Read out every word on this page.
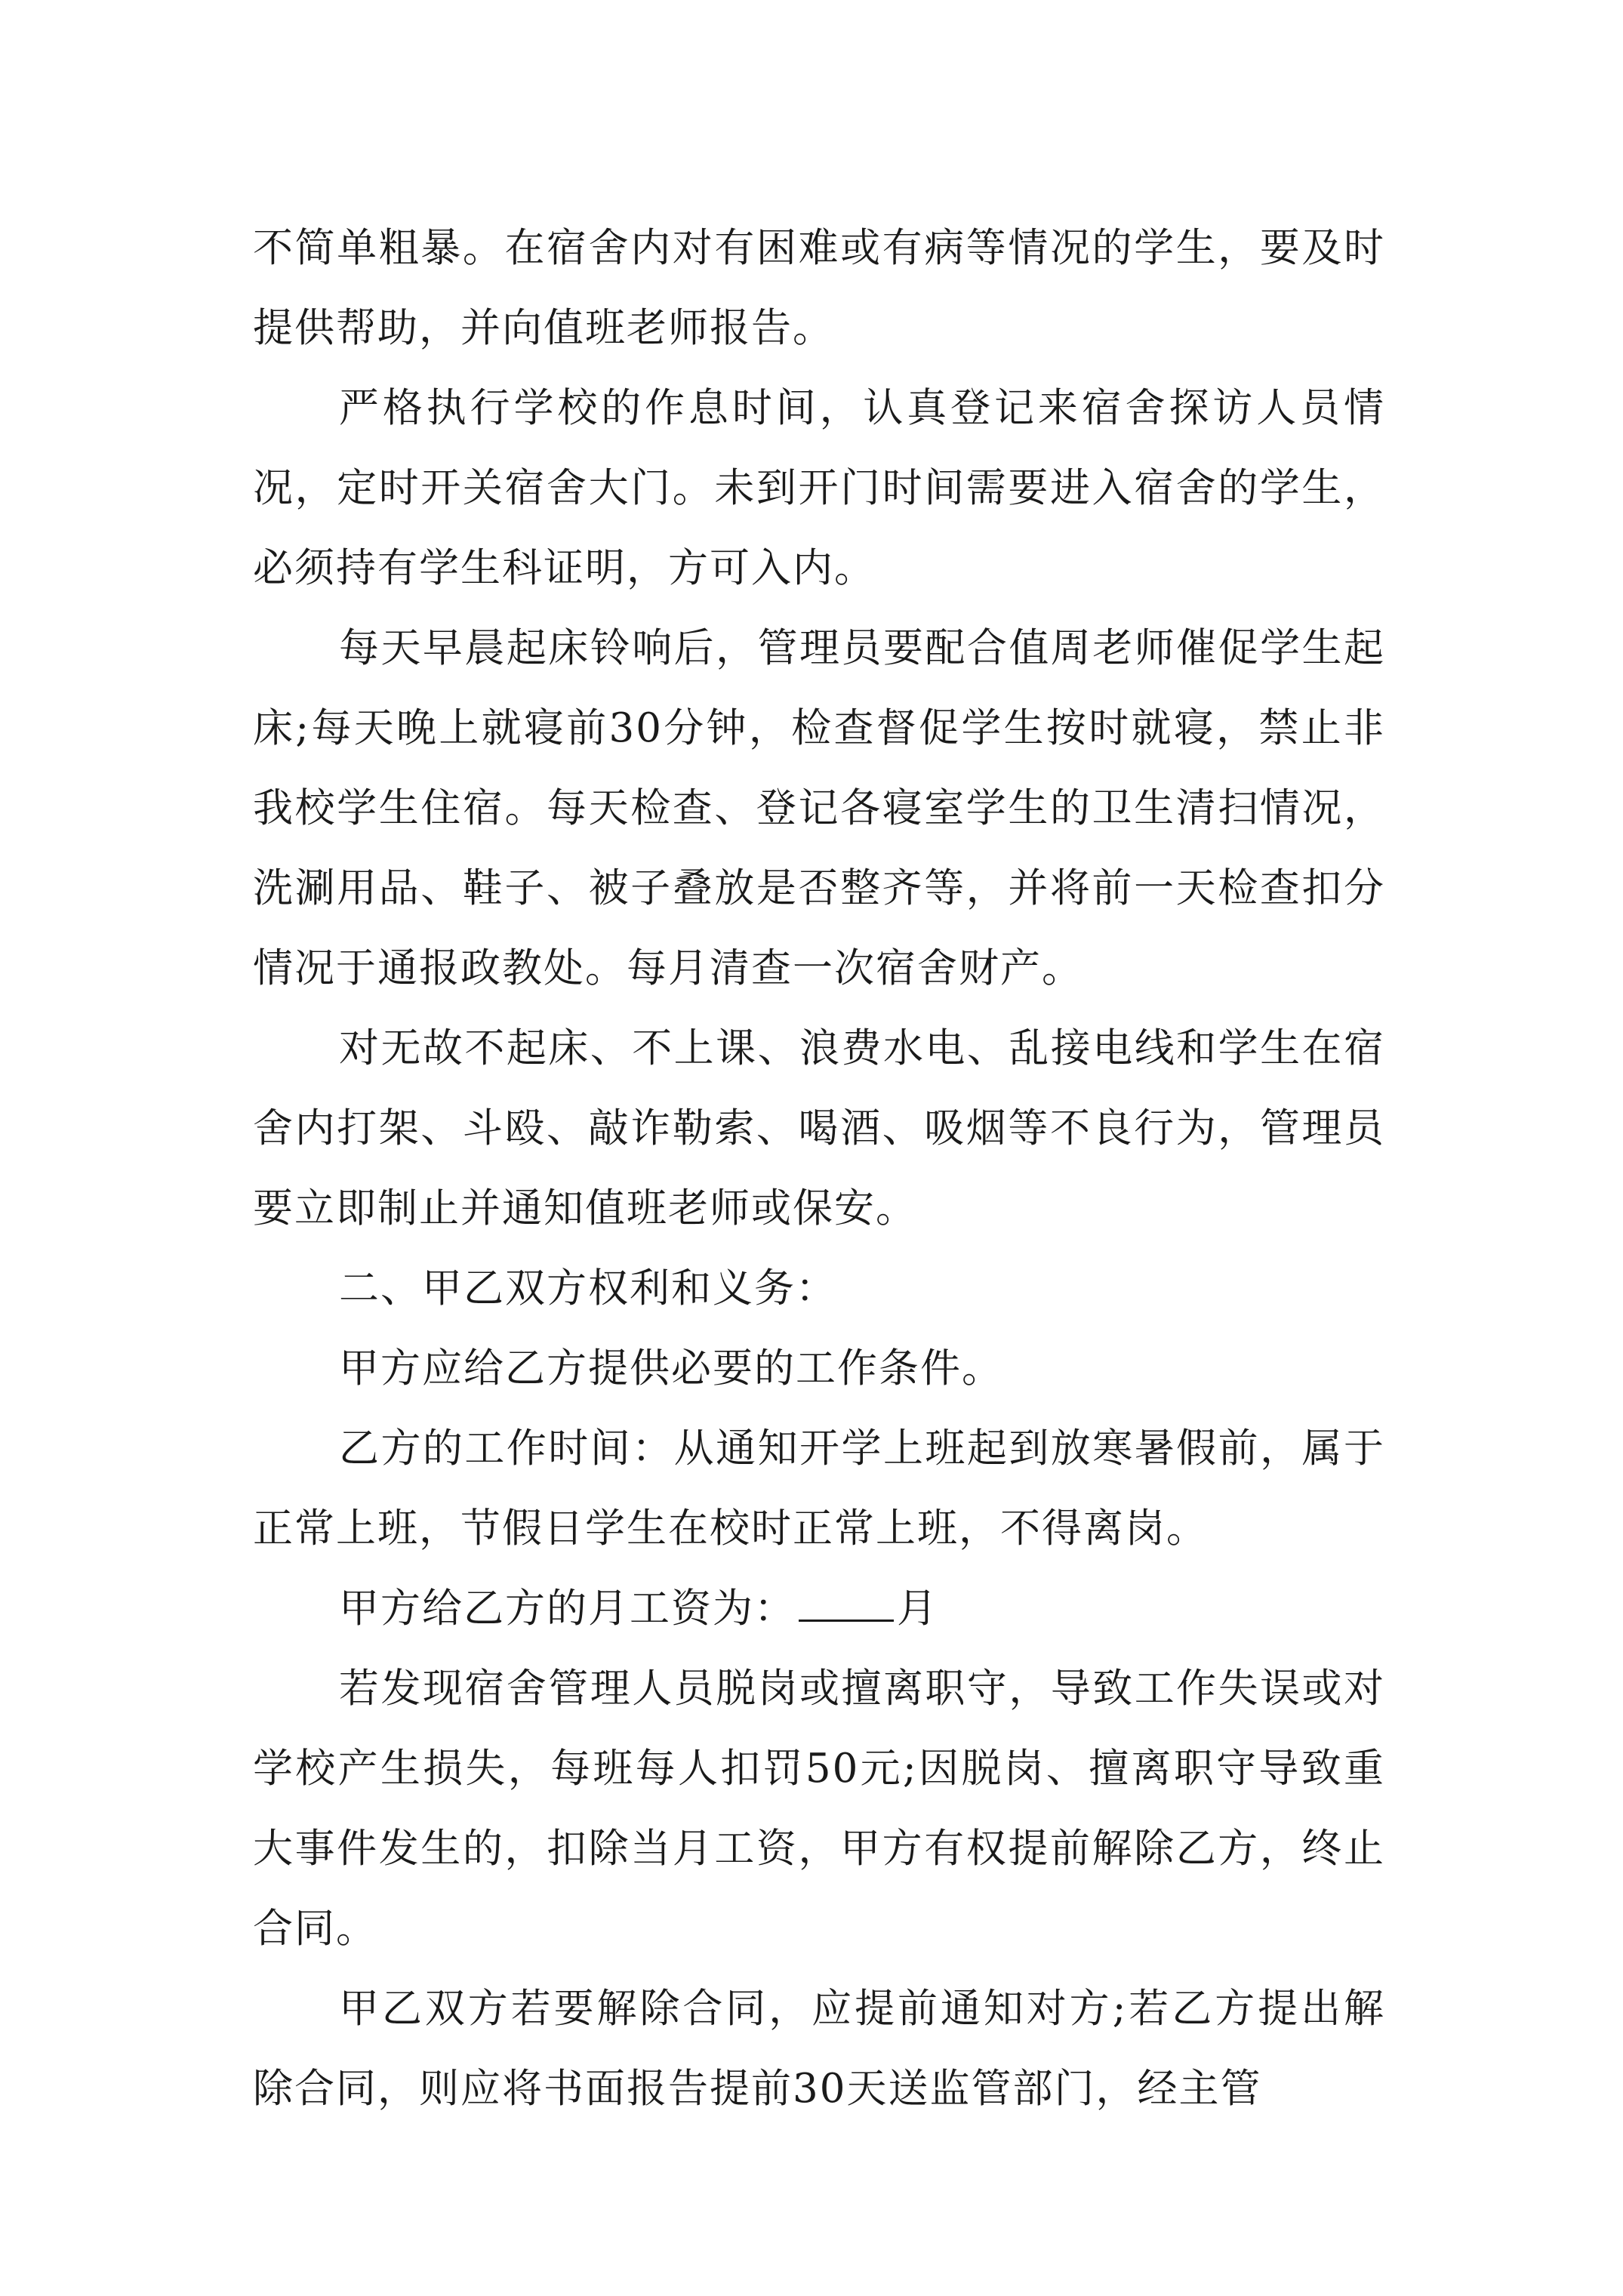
不简单粗暴。在宿舍内对有困难或有病等情况的学生，要及时提供帮助，并向值班老师报告。

严格执行学校的作息时间，认真登记来宿舍探访人员情况，定时开关宿舍大门。未到开门时间需要进入宿舍的学生，必须持有学生科证明，方可入内。

每天早晨起床铃响后，管理员要配合值周老师催促学生起床;每天晚上就寝前30分钟，检查督促学生按时就寝，禁止非我校学生住宿。每天检查、登记各寝室学生的卫生清扫情况，洗涮用品、鞋子、被子叠放是否整齐等，并将前一天检查扣分情况于通报政教处。每月清查一次宿舍财产。

对无故不起床、不上课、浪费水电、乱接电线和学生在宿舍内打架、斗殴、敲诈勒索、喝酒、吸烟等不良行为，管理员要立即制止并通知值班老师或保安。

二、甲乙双方权利和义务：

甲方应给乙方提供必要的工作条件。

乙方的工作时间：从通知开学上班起到放寒暑假前，属于正常上班，节假日学生在校时正常上班，不得离岗。

甲方给乙方的月工资为：	月

若发现宿舍管理人员脱岗或擅离职守，导致工作失误或对学校产生损失，每班每人扣罚50元;因脱岗、擅离职守导致重大事件发生的，扣除当月工资，甲方有权提前解除乙方，终止合同。

甲乙双方若要解除合同，应提前通知对方;若乙方提出解除合同，则应将书面报告提前30天送监管部门，经主管
